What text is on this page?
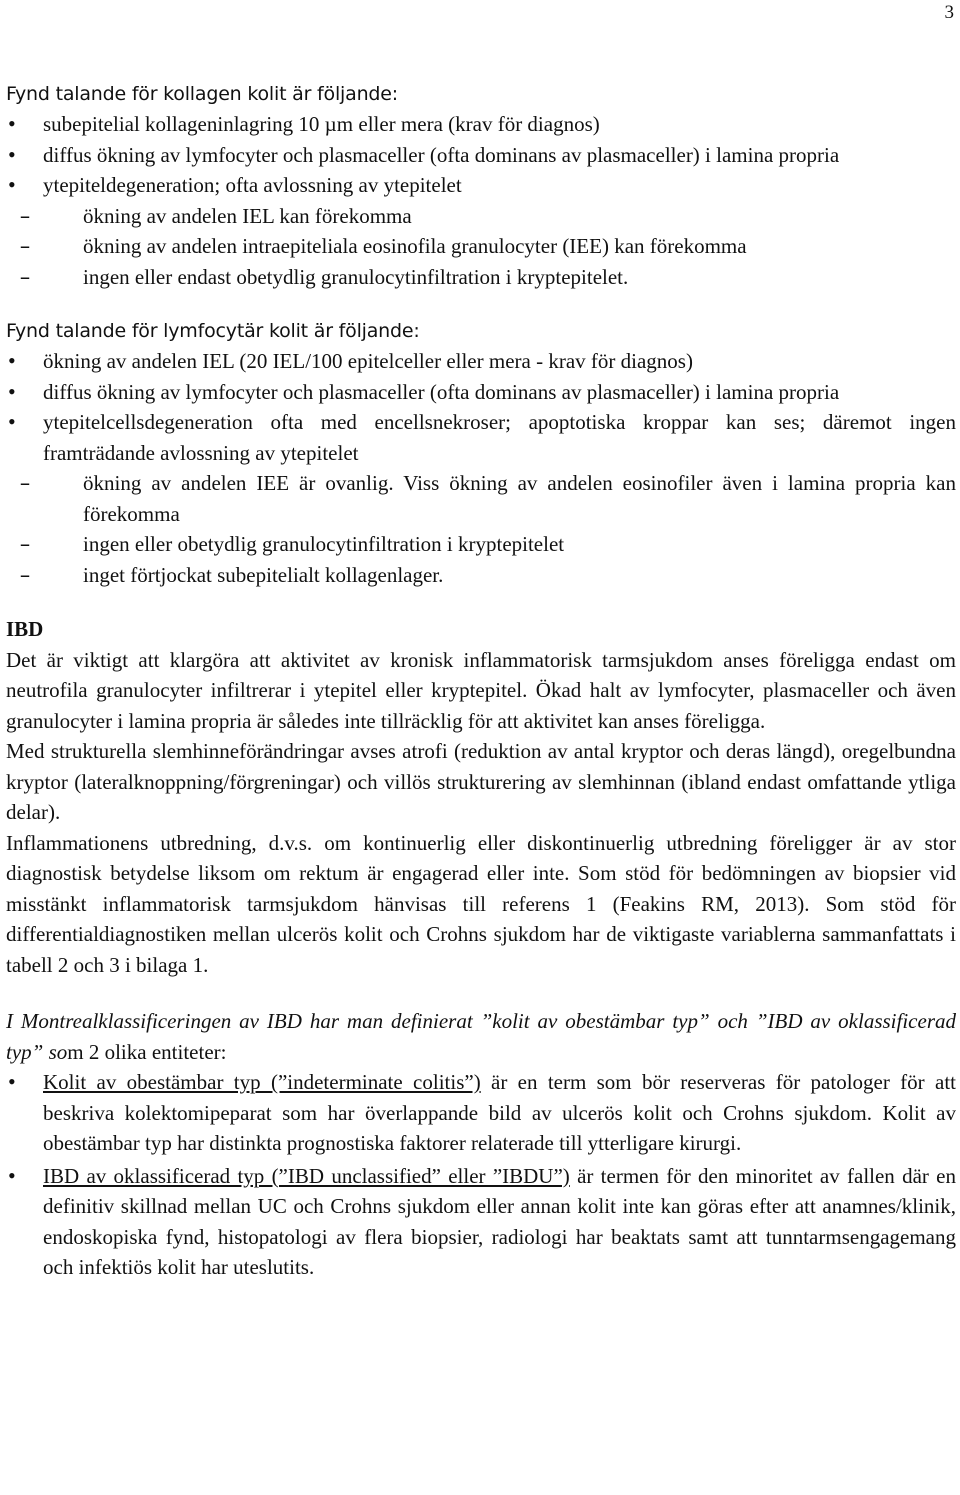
3

Fynd talande för kollagen kolit är följande:

• subepitelial kollageninlagring 10 µm eller mera (krav för diagnos)
• diffus ökning av lymfocyter och plasmaceller (ofta dominans av plasmaceller) i lamina propria
• ytepiteldegeneration; ofta avlossning av ytepitelet
– ökning av andelen IEL kan förekomma
– ökning av andelen intraepiteliala eosinofila granulocyter (IEE) kan förekomma
– ingen eller endast obetydlig granulocytinfiltration i kryptepitelet.

Fynd talande för lymfocytär kolit är följande:

• ökning av andelen IEL (20 IEL/100 epitelceller eller mera - krav för diagnos)
• diffus ökning av lymfocyter och plasmaceller (ofta dominans av plasmaceller) i lamina propria
• ytepitelcellsdegeneration ofta med encellsnekroser; apoptotiska kroppar kan ses; däremot ingen framträdande avlossning av ytepitelet
– ökning av andelen IEE är ovanlig. Viss ökning av andelen eosinofiler även i lamina propria kan förekomma
– ingen eller obetydlig granulocytinfiltration i kryptepitelet
– inget förtjockat subepitelialt kollagenlager.

IBD

Det är viktigt att klargöra att aktivitet av kronisk inflammatorisk tarmsjukdom anses föreligga endast om neutrofila granulocyter infiltrerar i ytepitel eller kryptepitel. Ökad halt av lymfocyter, plasmaceller och även granulocyter i lamina propria är således inte tillräcklig för att aktivitet kan anses föreligga.

Med strukturella slemhinneförändringar avses atrofi (reduktion av antal kryptor och deras längd), oregelbundna kryptor (lateralknoppning/förgreningar) och villös strukturering av slemhinnan (ibland endast omfattande ytliga delar).

Inflammationens utbredning, d.v.s. om kontinuerlig eller diskontinuerlig utbredning föreligger är av stor diagnostisk betydelse liksom om rektum är engagerad eller inte. Som stöd för bedömningen av biopsier vid misstänkt inflammatorisk tarmsjukdom hänvisas till referens 1 (Feakins RM, 2013). Som stöd för differentialdiagnostiken mellan ulcerös kolit och Crohns sjukdom har de viktigaste variablerna sammanfattats i tabell 2 och 3 i bilaga 1.

I Montrealklassificeringen av IBD har man definierat ”kolit av obestämbar typ” och ”IBD av oklassificerad typ” som 2 olika entiteter:

• Kolit av obestämbar typ (”indeterminate colitis”) är en term som bör reserveras för patologer för att beskriva kolektomipeparat som har överlappande bild av ulcerös kolit och Crohns sjukdom. Kolit av obestämbar typ har distinkta prognostiska faktorer relaterade till ytterligare kirurgi.
• IBD av oklassificerad typ (”IBD unclassified” eller ”IBDU”) är termen för den minoritet av fallen där en definitiv skillnad mellan UC och Crohns sjukdom eller annan kolit inte kan göras efter att anamnes/klinik, endoskopiska fynd, histopatologi av flera biopsier, radiologi har beaktats samt att tunntarmsengagemang och infektiös kolit har uteslutits.
